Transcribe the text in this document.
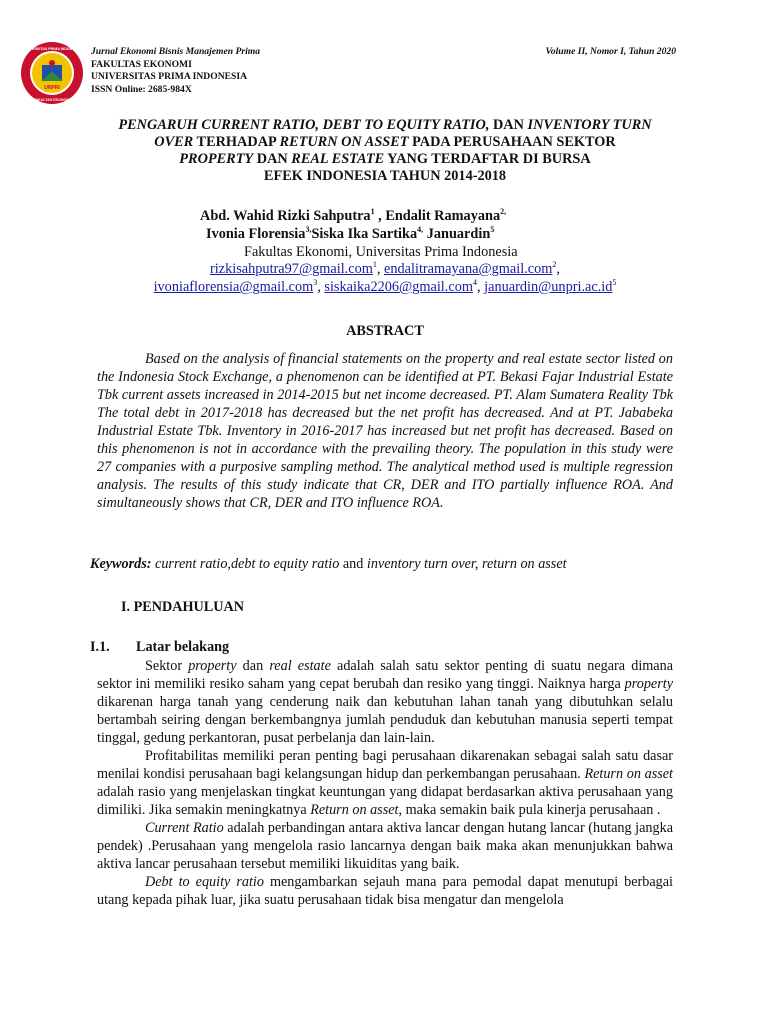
UNPRI
UNIVERSITAS PRIMA INDONESIA
FAKULTAS EKONOMI
Jurnal Ekonomi Bisnis Manajemen Prima
FAKULTAS EKONOMI
UNIVERSITAS PRIMA INDONESIA
ISSN Online: 2685-984X
Volume II, Nomor I, Tahun 2020
PENGARUH CURRENT RATIO, DEBT TO EQUITY RATIO, DAN INVENTORY TURN
OVER TERHADAP RETURN ON ASSET PADA PERUSAHAAN SEKTOR
PROPERTY DAN REAL ESTATE YANG TERDAFTAR DI BURSA
EFEK INDONESIA TAHUN 2014-2018
Abd. Wahid Rizki Sahputra$^1$ , Endalit Ramayana$^{2,}$
Ivonia Florensia$^{3,}$Siska Ika Sartika$^{4,}$ Januardin$^5$
Fakultas Ekonomi, Universitas Prima Indonesia
rizkisahputra97@gmail.com$^1$, endalitramayana@gmail.com$^2$,
ivoniaflorensia@gmail.com$^3$, siskaika2206@gmail.com$^4$, $januardin@unpri.ac.id^5$
ABSTRACT

Based on the analysis of financial statements on the property and real estate sector listed on the Indonesia Stock Exchange, a phenomenon can be identified at PT. Bekasi Fajar Industrial Estate Tbk current assets increased in 2014-2015 but net income decreased. PT. Alam Sumatera Reality Tbk The total debt in 2017-2018 has decreased but the net profit has decreased. And at PT. Jababeka Industrial Estate Tbk. Inventory in 2016-2017 has increased but net profit has decreased. Based on this phenomenon is not in accordance with the prevailing theory. The population in this study were 27 companies with a purposive sampling method. The analytical method used is multiple regression analysis. The results of this study indicate that CR, DER and ITO partially influence ROA. And simultaneously shows that CR, DER and ITO influence ROA.

Keywords: current ratio,debt to equity ratio and inventory turn over, return on asset
I. PENDAHULUAN
I.1. Latar belakang

Sektor property dan real estate adalah salah satu sektor penting di suatu negara dimana sektor ini memiliki resiko saham yang cepat berubah dan resiko yang tinggi. Naiknya harga property dikarenan harga tanah yang cenderung naik dan kebutuhan lahan tanah yang dibutuhkan selalu bertambah seiring dengan berkembangnya jumlah penduduk dan kebutuhan manusia seperti tempat tinggal, gedung perkantoran, pusat perbelanja dan lain-lain.

Profitabilitas memiliki peran penting bagi perusahaan dikarenakan sebagai salah satu dasar menilai kondisi perusahaan bagi kelangsungan hidup dan perkembangan perusahaan. Return on asset adalah rasio yang menjelaskan tingkat keuntungan yang didapat berdasarkan aktiva perusahaan yang dimiliki. Jika semakin meningkatnya Return on asset, maka semakin baik pula kinerja perusahaan .

Current Ratio adalah perbandingan antara aktiva lancar dengan hutang lancar (hutang jangka pendek) .Perusahaan yang mengelola rasio lancarnya dengan baik maka akan menunjukkan bahwa aktiva lancar perusahaan tersebut memiliki likuiditas yang baik.

Debt to equity ratio mengambarkan sejauh mana para pemodal dapat menutupi berbagai utang kepada pihak luar, jika suatu perusahaan tidak bisa mengatur dan mengelola
